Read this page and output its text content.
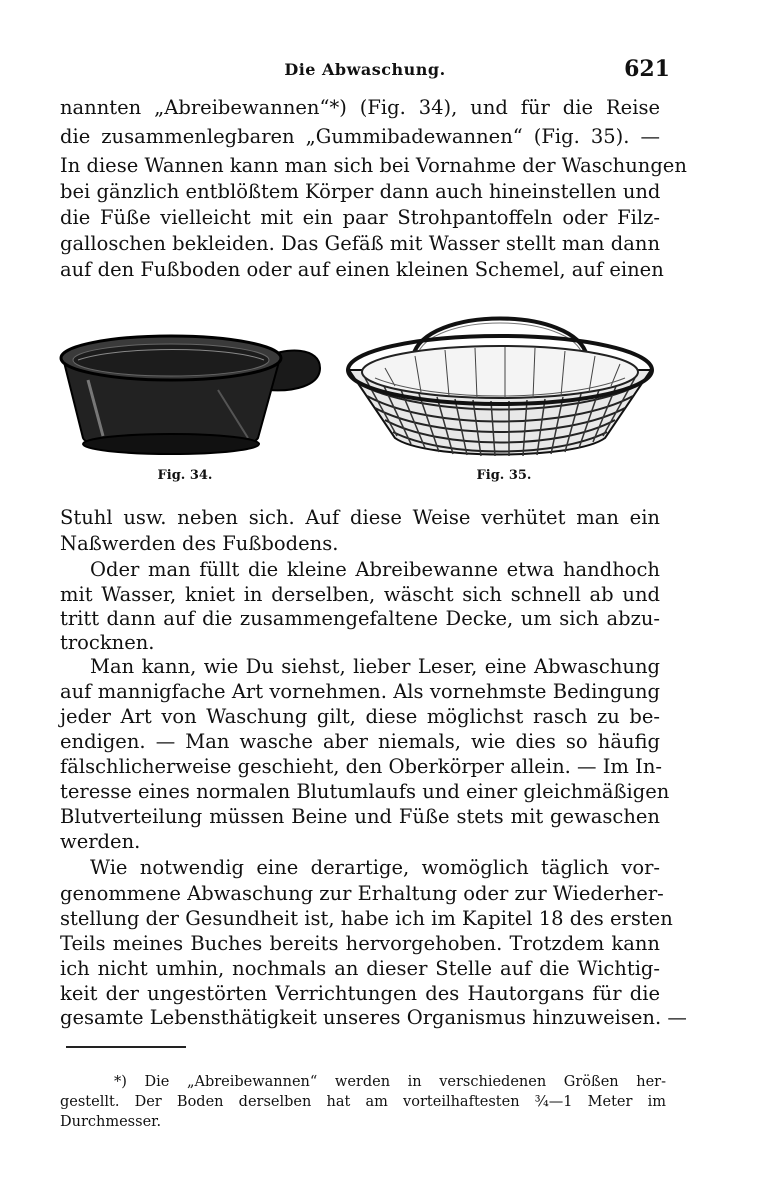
Die Abwaschung.	621
nannten „Abreibewannen“*) (Fig. 34), und für die Reise
die zusammenlegbaren „Gummibadewannen“ (Fig. 35). —
In diese Wannen kann man sich bei Vornahme der Waschungen
bei gänzlich entblößtem Körper dann auch hineinstellen und
die Füße vielleicht mit ein paar Strohpantoffeln oder Filz-
galloschen bekleiden. Das Gefäß mit Wasser stellt man dann
auf den Fußboden oder auf einen kleinen Schemel, auf einen
Fig. 34.	Fig. 35.
Stuhl usw. neben sich. Auf diese Weise verhütet man ein
Naßwerden des Fußbodens.
Oder man füllt die kleine Abreibewanne etwa handhoch
mit Wasser, kniet in derselben, wäscht sich schnell ab und
tritt dann auf die zusammengefaltene Decke, um sich abzu-
trocknen.
Man kann, wie Du siehst, lieber Leser, eine Abwaschung
auf mannigfache Art vornehmen. Als vornehmste Bedingung
jeder Art von Waschung gilt, diese möglichst rasch zu be-
endigen. — Man wasche aber niemals, wie dies so häufig
fälschlicherweise geschieht, den Oberkörper allein. — Im In-
teresse eines normalen Blutumlaufs und einer gleichmäßigen
Blutverteilung müssen Beine und Füße stets mit gewaschen
werden.
Wie notwendig eine derartige, womöglich täglich vor-
genommene Abwaschung zur Erhaltung oder zur Wiederher-
stellung der Gesundheit ist, habe ich im Kapitel 18 des ersten
Teils meines Buches bereits hervorgehoben. Trotzdem kann
ich nicht umhin, nochmals an dieser Stelle auf die Wichtig-
keit der ungestörten Verrichtungen des Hautorgans für die
gesamte Lebensthätigkeit unseres Organismus hinzuweisen. —
*) Die „Abreibewannen“ werden in verschiedenen Größen her-
gestellt. Der Boden derselben hat am vorteilhaftesten ¾—1 Meter im
Durchmesser.
